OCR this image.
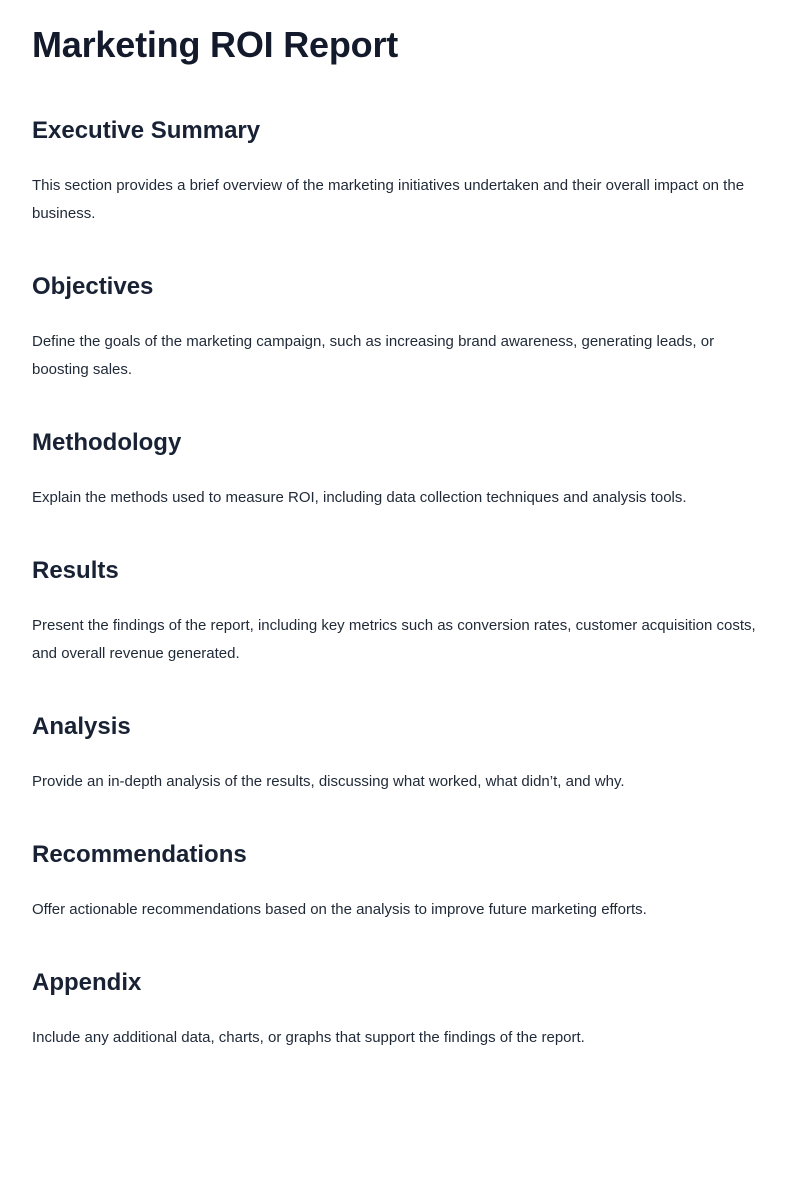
Marketing ROI Report
Executive Summary

This section provides a brief overview of the marketing initiatives undertaken and their overall impact on the business.

Objectives

Define the goals of the marketing campaign, such as increasing brand awareness, generating leads, or boosting sales.

Methodology

Explain the methods used to measure ROI, including data collection techniques and analysis tools.

Results

Present the findings of the report, including key metrics such as conversion rates, customer acquisition costs, and overall revenue generated.

Analysis

Provide an in-depth analysis of the results, discussing what worked, what didn’t, and why.

Recommendations

Offer actionable recommendations based on the analysis to improve future marketing efforts.

Appendix

Include any additional data, charts, or graphs that support the findings of the report.
